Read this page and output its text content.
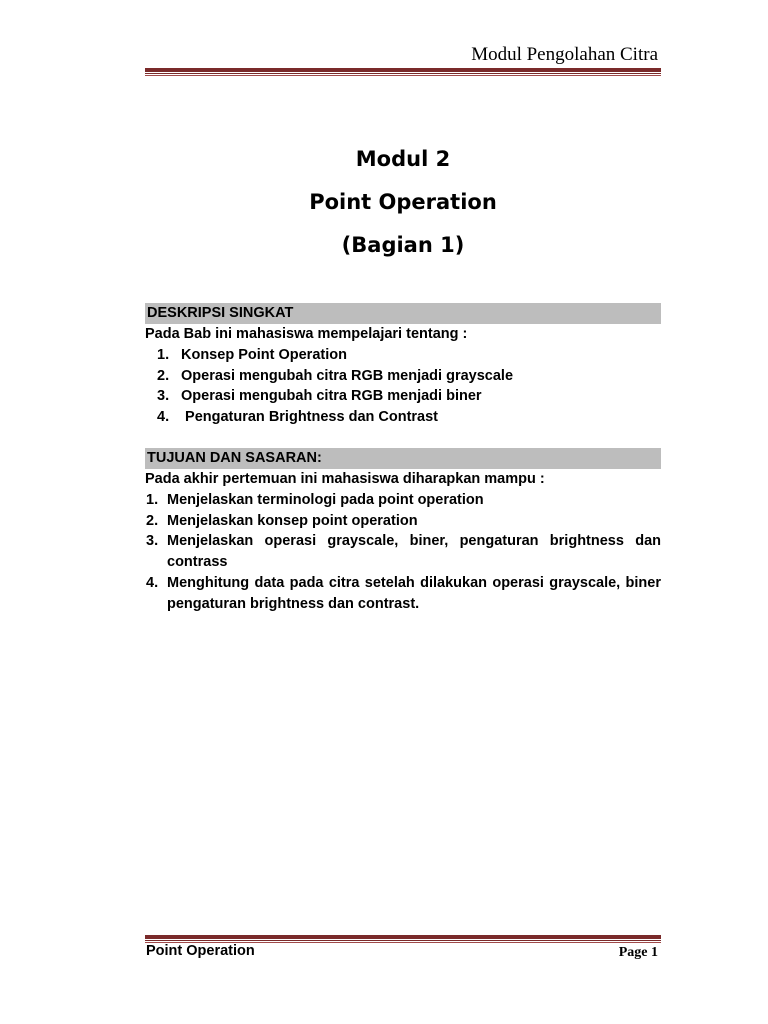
Modul Pengolahan Citra
Modul 2
Point Operation
(Bagian 1)
DESKRIPSI SINGKAT
Pada Bab ini mahasiswa mempelajari tentang :
1. Konsep Point Operation
2. Operasi mengubah citra RGB menjadi grayscale
3. Operasi mengubah citra RGB menjadi biner
4. Pengaturan Brightness dan Contrast
TUJUAN DAN SASARAN:
Pada akhir pertemuan ini mahasiswa diharapkan mampu :
1. Menjelaskan terminologi pada point operation
2. Menjelaskan konsep point operation
3. Menjelaskan operasi grayscale, biner, pengaturan brightness dan contrass
4. Menghitung data pada citra setelah dilakukan operasi grayscale, biner pengaturan brightness dan contrast.
Point Operation	Page 1
